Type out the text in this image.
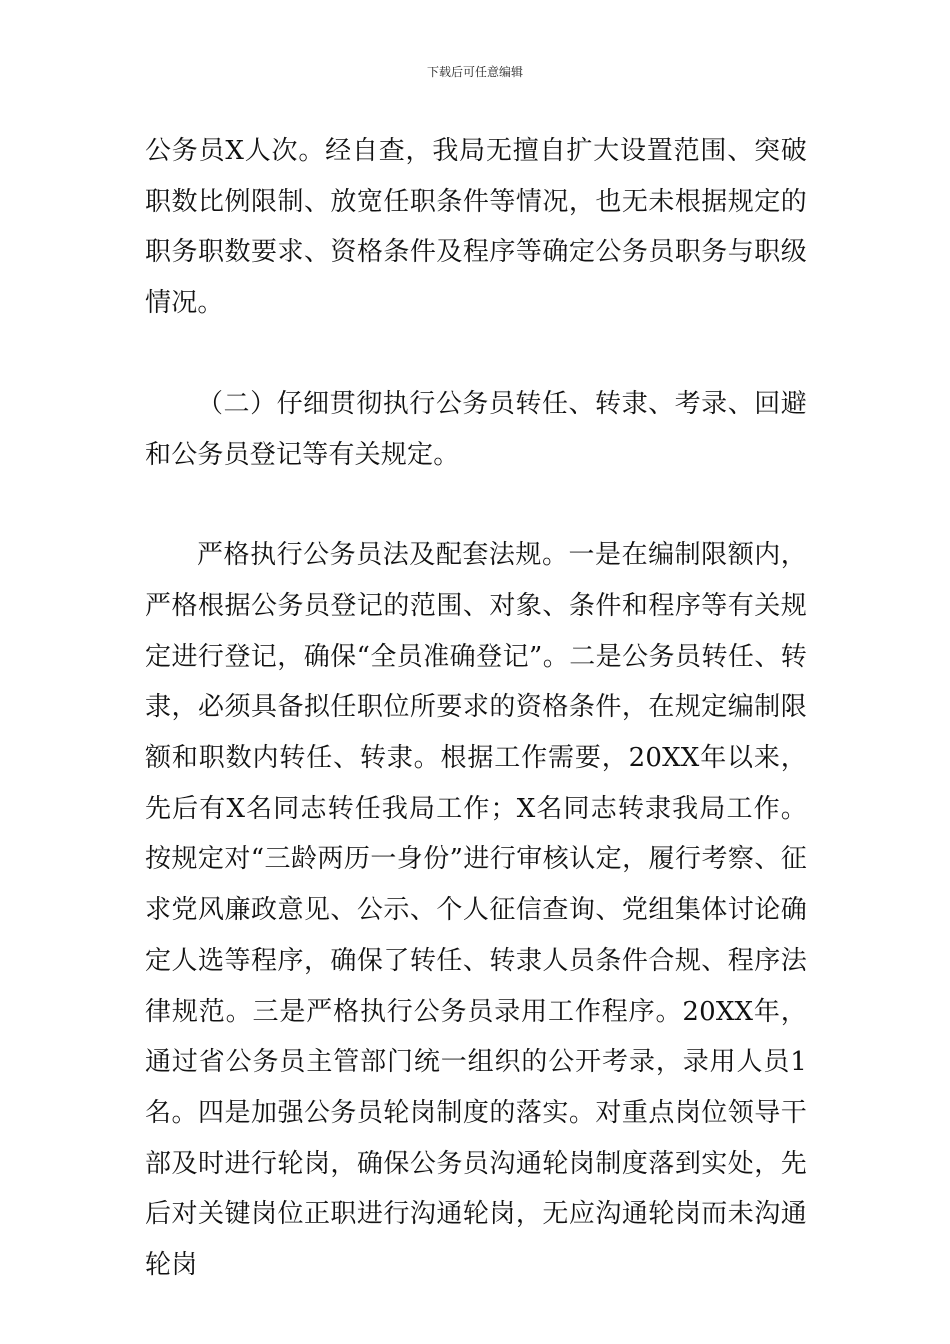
下载后可任意编辑

公务员X人次。经自查，我局无擅自扩大设置范围、突破职数比例限制、放宽任职条件等情况，也无未根据规定的职务职数要求、资格条件及程序等确定公务员职务与职级情况。

（二）仔细贯彻执行公务员转任、转隶、考录、回避和公务员登记等有关规定。

严格执行公务员法及配套法规。一是在编制限额内，严格根据公务员登记的范围、对象、条件和程序等有关规定进行登记，确保“全员准确登记”。二是公务员转任、转隶，必须具备拟任职位所要求的资格条件，在规定编制限额和职数内转任、转隶。根据工作需要，20XX年以来，先后有X名同志转任我局工作；X名同志转隶我局工作。按规定对“三龄两历一身份”进行审核认定，履行考察、征求党风廉政意见、公示、个人征信查询、党组集体讨论确定人选等程序，确保了转任、转隶人员条件合规、程序法律规范。三是严格执行公务员录用工作程序。20XX年，通过省公务员主管部门统一组织的公开考录，录用人员1名。四是加强公务员轮岗制度的落实。对重点岗位领导干部及时进行轮岗，确保公务员沟通轮岗制度落到实处，先后对关键岗位正职进行沟通轮岗，无应沟通轮岗而未沟通轮岗
